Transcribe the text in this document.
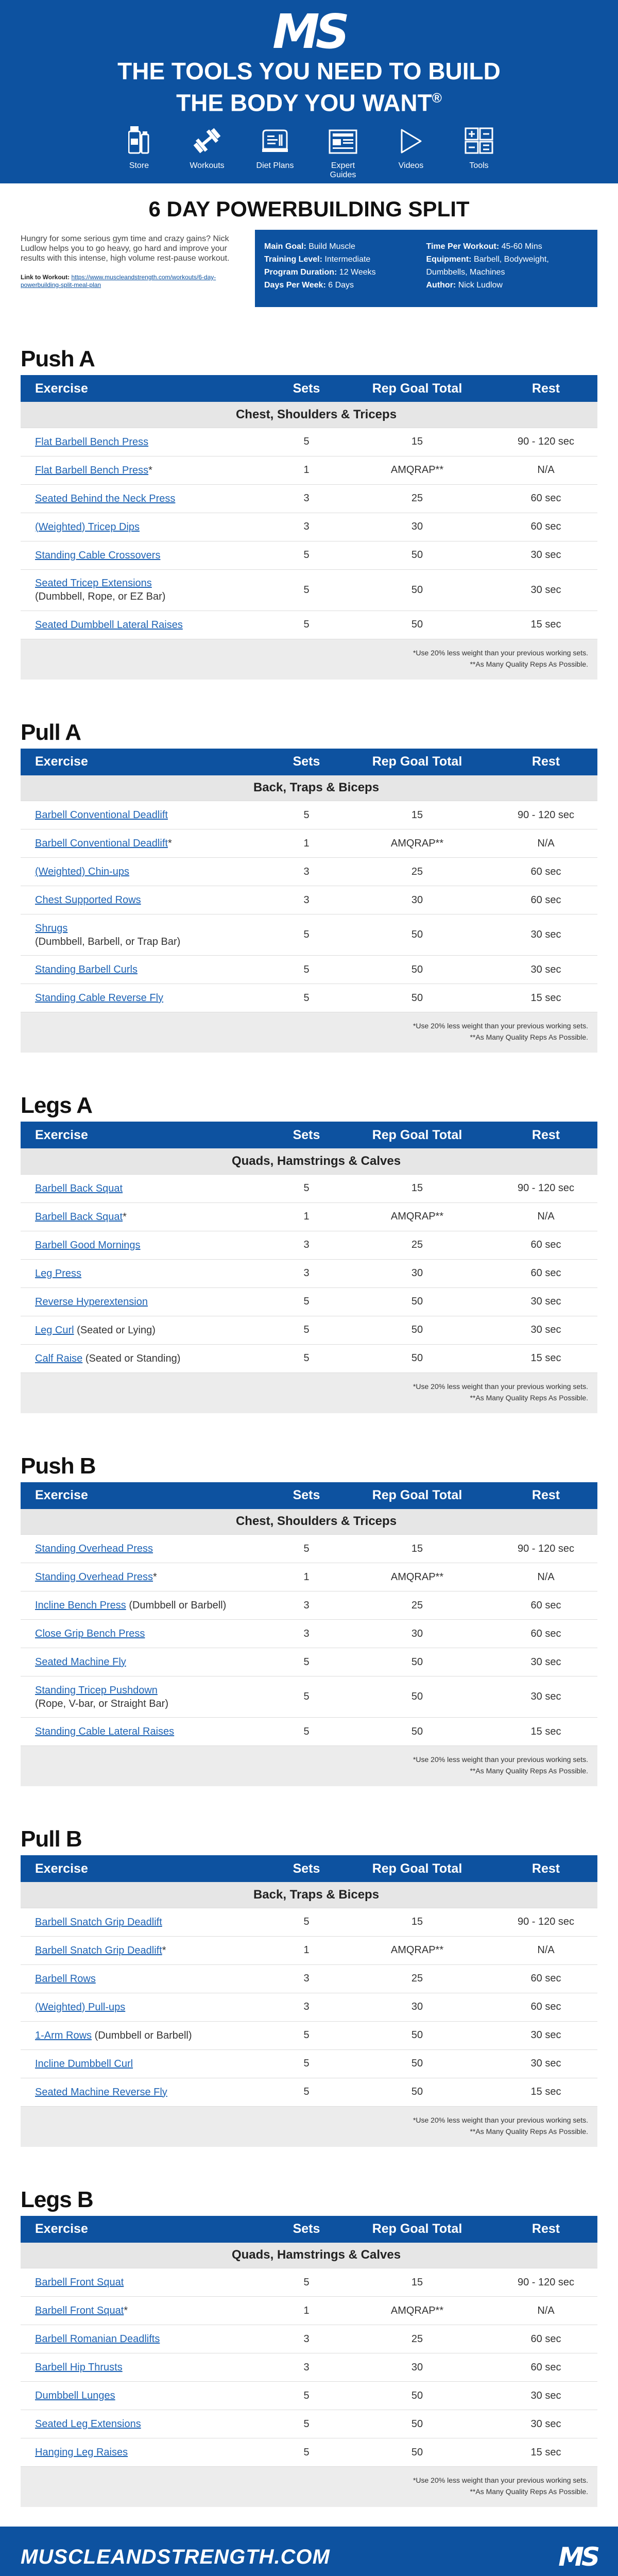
MS
THE TOOLS YOU NEED TO BUILD
THE BODY YOU WANT®
Store	Workouts	Diet Plans	Expert Guides
Videos	Tools
6 DAY POWERBUILDING SPLIT

Hungry for some serious gym time and crazy gains? Nick Ludlow helps you to go heavy, go hard and improve your results with this intense, high volume rest-pause workout.

Link to Workout: https://www.muscleandstrength.com/workouts/6-day-powerbuilding-split-meal-plan

Main Goal: Build Muscle
Training Level: Intermediate
Program Duration: 12 Weeks
Days Per Week: 6 Days
Time Per Workout: 45-60 Mins
Equipment: Barbell, Bodyweight, Dumbbells, Machines
Author: Nick Ludlow
Push A
Exercise	Sets	Rep Goal Total	Rest
Chest, Shoulders & Triceps			
Flat Barbell Bench Press	5	15	90 - 120 sec
Flat Barbell Bench Press*	1	AMQRAP**	N/A
Seated Behind the Neck Press	3	25	60 sec
(Weighted) Tricep Dips	3	30	60 sec
Standing Cable Crossovers	5	50	30 sec
Seated Tricep Extensions
(Dumbbell, Rope, or EZ Bar)	5	50	30 sec
Seated Dumbbell Lateral Raises	5	50	15 sec
*Use 20% less weight than your previous working sets.
**As Many Quality Reps As Possible.
Pull A
Exercise	Sets	Rep Goal Total	Rest
Back, Traps & Biceps			
Barbell Conventional Deadlift	5	15	90 - 120 sec
Barbell Conventional Deadlift*	1	AMQRAP**	N/A
(Weighted) Chin-ups	3	25	60 sec
Chest Supported Rows	3	30	60 sec
Shrugs
(Dumbbell, Barbell, or Trap Bar)	5	50	30 sec
Standing Barbell Curls	5	50	30 sec
Standing Cable Reverse Fly	5	50	15 sec
*Use 20% less weight than your previous working sets.
**As Many Quality Reps As Possible.
Legs A
Exercise	Sets	Rep Goal Total	Rest
Quads, Hamstrings & Calves			
Barbell Back Squat	5	15	90 - 120 sec
Barbell Back Squat*	1	AMQRAP**	N/A
Barbell Good Mornings	3	25	60 sec
Leg Press	3	30	60 sec
Reverse Hyperextension	5	50	30 sec
Leg Curl (Seated or Lying)	5	50	30 sec
Calf Raise (Seated or Standing)	5	50	15 sec
*Use 20% less weight than your previous working sets.
**As Many Quality Reps As Possible.
Push B
Exercise	Sets	Rep Goal Total	Rest
Chest, Shoulders & Triceps			
Standing Overhead Press	5	15	90 - 120 sec
Standing Overhead Press*	1	AMQRAP**	N/A
Incline Bench Press (Dumbbell or Barbell)	3	25	60 sec
Close Grip Bench Press	3	30	60 sec
Seated Machine Fly	5	50	30 sec
Standing Tricep Pushdown
(Rope, V-bar, or Straight Bar)	5	50	30 sec
Standing Cable Lateral Raises	5	50	15 sec
*Use 20% less weight than your previous working sets.
**As Many Quality Reps As Possible.
Pull B
Exercise	Sets	Rep Goal Total	Rest
Back, Traps & Biceps			
Barbell Snatch Grip Deadlift	5	15	90 - 120 sec
Barbell Snatch Grip Deadlift*	1	AMQRAP**	N/A
Barbell Rows	3	25	60 sec
(Weighted) Pull-ups	3	30	60 sec
1-Arm Rows (Dumbbell or Barbell)	5	50	30 sec
Incline Dumbbell Curl	5	50	30 sec
Seated Machine Reverse Fly	5	50	15 sec
*Use 20% less weight than your previous working sets.
**As Many Quality Reps As Possible.
Legs B
Exercise	Sets	Rep Goal Total	Rest
Quads, Hamstrings & Calves			
Barbell Front Squat	5	15	90 - 120 sec
Barbell Front Squat*	1	AMQRAP**	N/A
Barbell Romanian Deadlifts	3	25	60 sec
Barbell Hip Thrusts	3	30	60 sec
Dumbbell Lunges	5	50	30 sec
Seated Leg Extensions	5	50	30 sec
Hanging Leg Raises	5	50	15 sec
*Use 20% less weight than your previous working sets.
**As Many Quality Reps As Possible.
MUSCLEANDSTRENGTH.COM	MS
